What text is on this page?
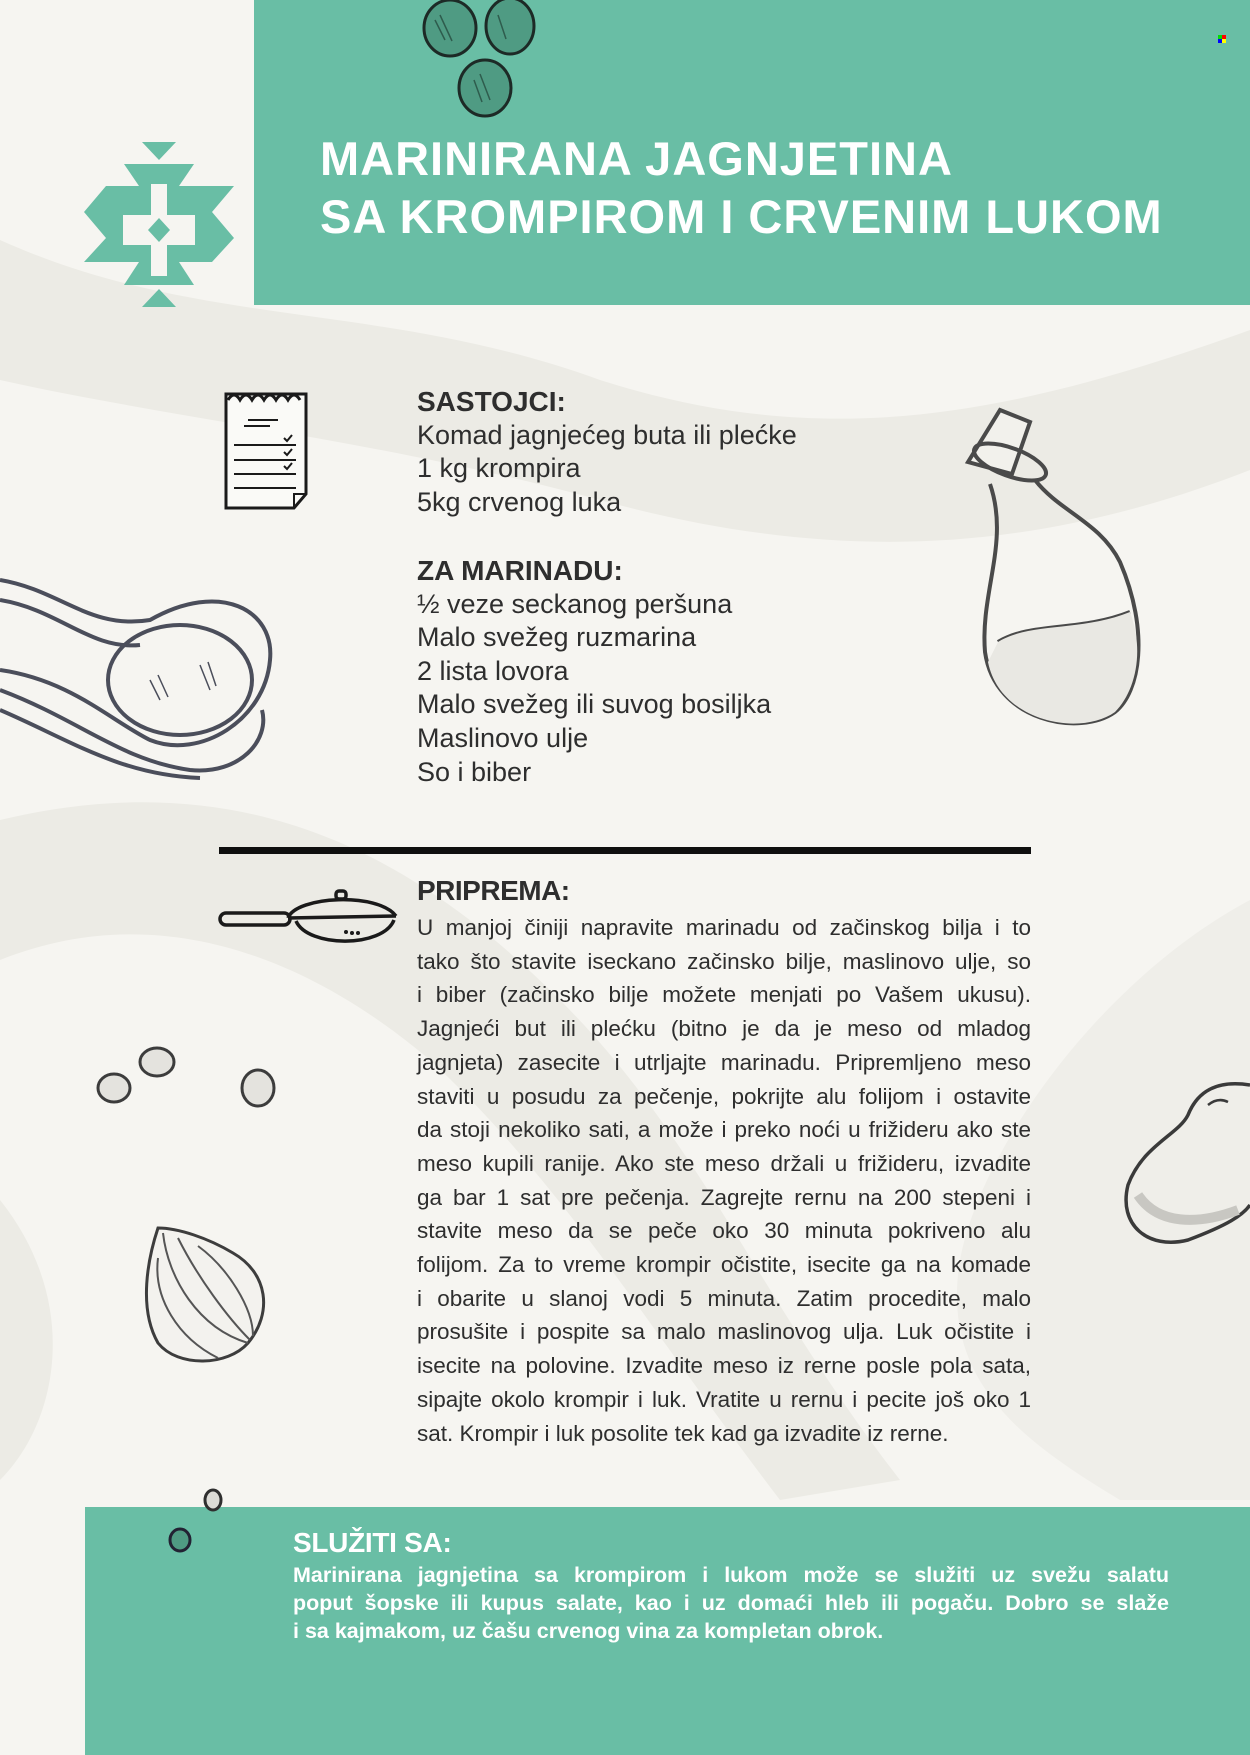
MARINIRANA JAGNJETINA
SA KROMPIROM I CRVENIM LUKOM
SASTOJCI:
Komad jagnjećeg buta ili plećke
1 kg krompira
5kg crvenog luka
ZA MARINADU:
½ veze seckanog peršuna
Malo svežeg ruzmarina
2 lista lovora
Malo svežeg ili suvog bosiljka
Maslinovo ulje
So i biber
PRIPREMA:
U manjoj činiji napravite marinadu od začinskog bilja i to
tako što stavite iseckano začinsko bilje, maslinovo ulje, so
i biber (začinsko bilje možete menjati po Vašem ukusu).
Jagnjeći but ili plećku (bitno je da je meso od mladog
jagnjeta) zasecite i utrljajte marinadu. Pripremljeno meso
staviti u posudu za pečenje, pokrijte alu folijom i ostavite
da stoji nekoliko sati, a može i preko noći u frižideru ako ste
meso kupili ranije. Ako ste meso držali u frižideru, izvadite
ga bar 1 sat pre pečenja. Zagrejte rernu na 200 stepeni i
stavite meso da se peče oko 30 minuta pokriveno alu
folijom. Za to vreme krompir očistite, isecite ga na komade
i obarite u slanoj vodi 5 minuta. Zatim procedite, malo
prosušite i pospite sa malo maslinovog ulja. Luk očistite i
isecite na polovine. Izvadite meso iz rerne posle pola sata,
sipajte okolo krompir i luk. Vratite u rernu i pecite još oko 1
sat. Krompir i luk posolite tek kad ga izvadite iz rerne.
SLUŽITI SA:
Marinirana jagnjetina sa krompirom i lukom može se služiti uz svežu salatu
poput šopske ili kupus salate, kao i uz domaći hleb ili pogaču. Dobro se slaže
i sa kajmakom, uz čašu crvenog vina za kompletan obrok.
